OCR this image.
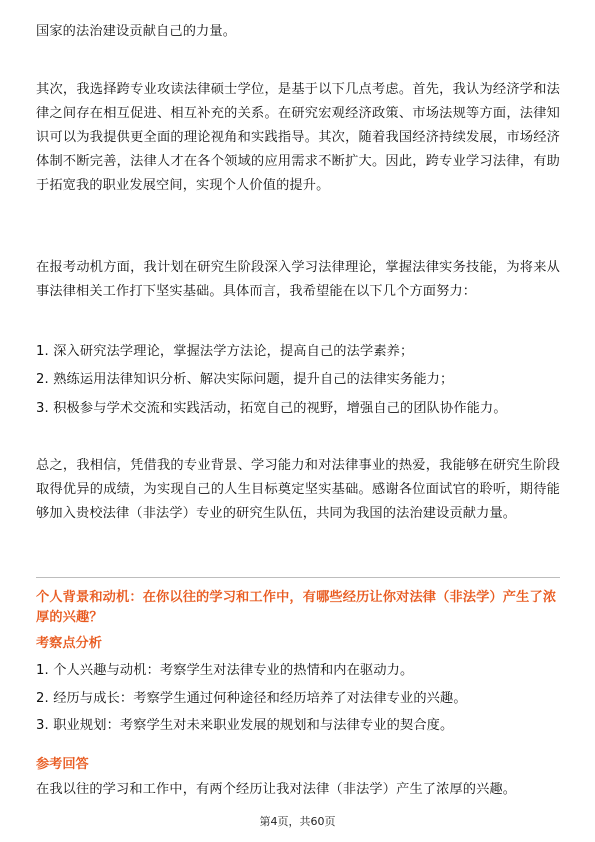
国家的法治建设贡献自己的力量。

其次，我选择跨专业攻读法律硕士学位，是基于以下几点考虑。首先，我认为经济学和法律之间存在相互促进、相互补充的关系。在研究宏观经济政策、市场法规等方面，法律知识可以为我提供更全面的理论视角和实践指导。其次，随着我国经济持续发展，市场经济体制不断完善，法律人才在各个领域的应用需求不断扩大。因此，跨专业学习法律，有助于拓宽我的职业发展空间，实现个人价值的提升。

在报考动机方面，我计划在研究生阶段深入学习法律理论，掌握法律实务技能，为将来从事法律相关工作打下坚实基础。具体而言，我希望能在以下几个方面努力：

1. 深入研究法学理论，掌握法学方法论，提高自己的法学素养；

2. 熟练运用法律知识分析、解决实际问题，提升自己的法律实务能力；

3. 积极参与学术交流和实践活动，拓宽自己的视野，增强自己的团队协作能力。

总之，我相信，凭借我的专业背景、学习能力和对法律事业的热爱，我能够在研究生阶段取得优异的成绩，为实现自己的人生目标奠定坚实基础。感谢各位面试官的聆听，期待能够加入贵校法律（非法学）专业的研究生队伍，共同为我国的法治建设贡献力量。

个人背景和动机：在你以往的学习和工作中，有哪些经历让你对法律（非法学）产生了浓厚的兴趣？

考察点分析

1. 个人兴趣与动机：考察学生对法律专业的热情和内在驱动力。

2. 经历与成长：考察学生通过何种途径和经历培养了对法律专业的兴趣。

3. 职业规划：考察学生对未来职业发展的规划和与法律专业的契合度。

参考回答

在我以往的学习和工作中，有两个经历让我对法律（非法学）产生了浓厚的兴趣。

第4页，共60页
